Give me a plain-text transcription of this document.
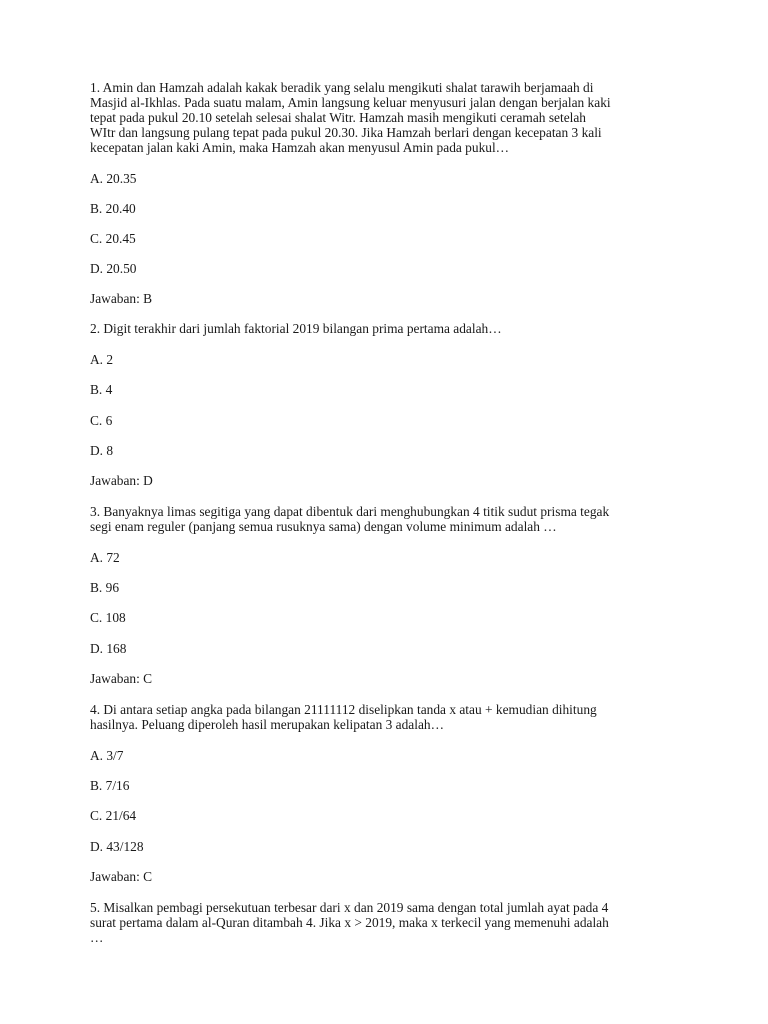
1. Amin dan Hamzah adalah kakak beradik yang selalu mengikuti shalat tarawih berjamaah di

Masjid al-Ikhlas. Pada suatu malam, Amin langsung keluar menyusuri jalan dengan berjalan kaki

tepat pada pukul 20.10 setelah selesai shalat Witr. Hamzah masih mengikuti ceramah setelah

WItr dan langsung pulang tepat pada pukul 20.30. Jika Hamzah berlari dengan kecepatan 3 kali

kecepatan jalan kaki Amin, maka Hamzah akan menyusul Amin pada pukul…

A. 20.35

B. 20.40

C. 20.45

D. 20.50

Jawaban: B

2. Digit terakhir dari jumlah faktorial 2019 bilangan prima pertama adalah…

A. 2

B. 4

C. 6

D. 8

Jawaban: D

3. Banyaknya limas segitiga yang dapat dibentuk dari menghubungkan 4 titik sudut prisma tegak

segi enam reguler (panjang semua rusuknya sama) dengan volume minimum adalah …

A. 72

B. 96

C. 108

D. 168

Jawaban: C

4. Di antara setiap angka pada bilangan 21111112 diselipkan tanda x atau + kemudian dihitung

hasilnya. Peluang diperoleh hasil merupakan kelipatan 3 adalah…

A. 3/7

B. 7/16

C. 21/64

D. 43/128

Jawaban: C

5. Misalkan pembagi persekutuan terbesar dari x dan 2019 sama dengan total jumlah ayat pada 4

surat pertama dalam al-Quran ditambah 4. Jika x > 2019, maka x terkecil yang memenuhi adalah

…
